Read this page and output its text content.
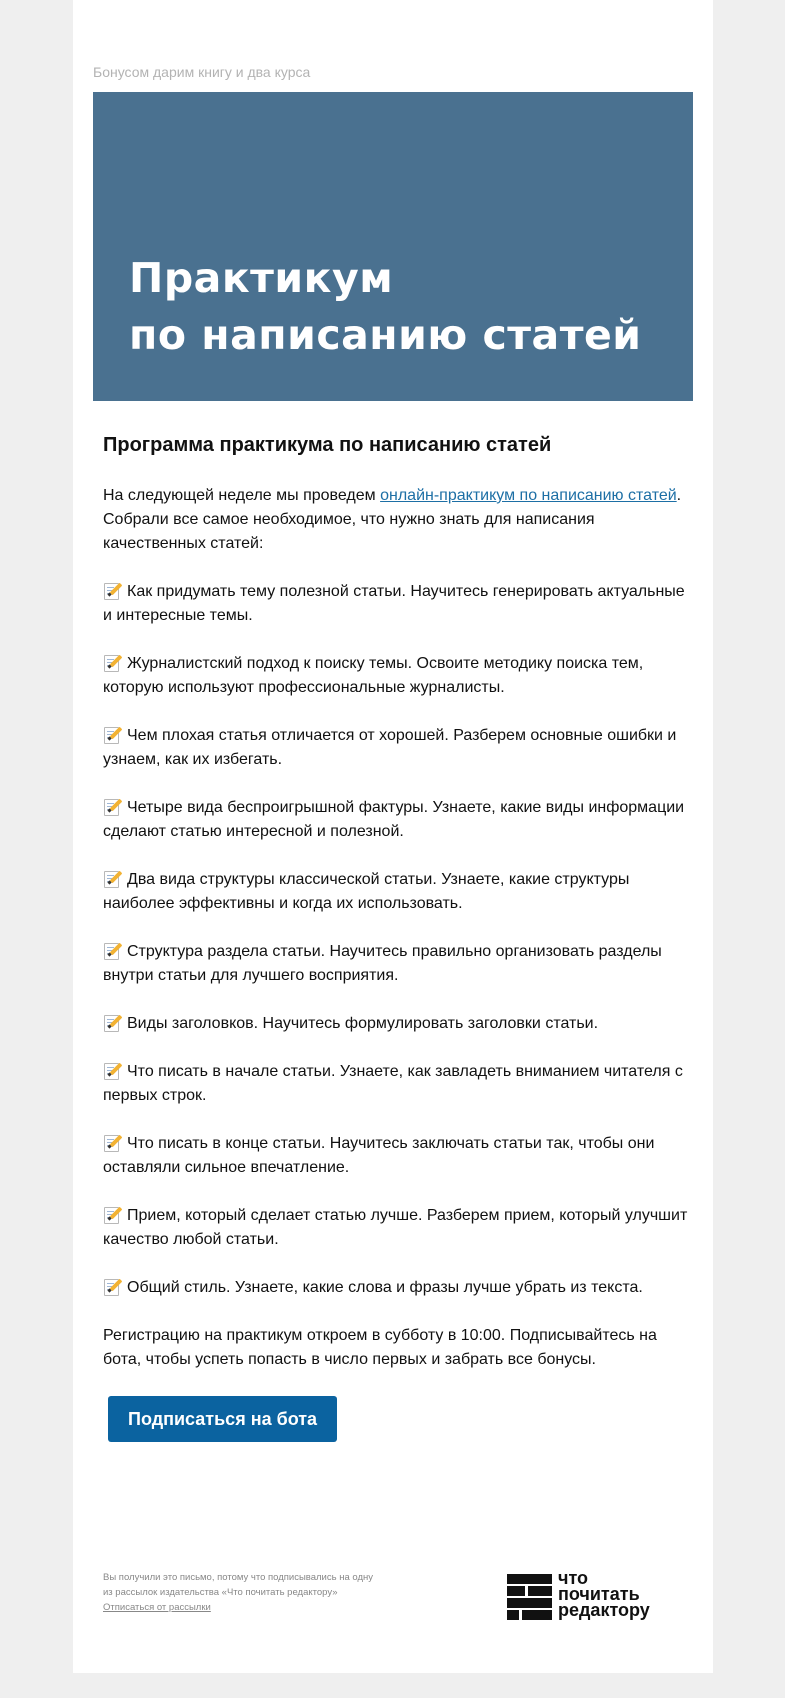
Бонусом дарим книгу и два курса
Практикум
по написанию статей
Программа практикума по написанию статей

На следующей неделе мы проведем онлайн-практикум по написанию статей. Собрали все самое необходимое, что нужно знать для написания качественных статей:

Как придумать тему полезной статьи. Научитесь генерировать актуальные и интересные темы.

Журналистский подход к поиску темы. Освоите методику поиска тем, которую используют профессиональные журналисты.

Чем плохая статья отличается от хорошей. Разберем основные ошибки и узнаем, как их избегать.

Четыре вида беспроигрышной фактуры. Узнаете, какие виды информации сделают статью интересной и полезной.

Два вида структуры классической статьи. Узнаете, какие структуры наиболее эффективны и когда их использовать.

Структура раздела статьи. Научитесь правильно организовать разделы внутри статьи для лучшего восприятия.

Виды заголовков. Научитесь формулировать заголовки статьи.

Что писать в начале статьи. Узнаете, как завладеть вниманием читателя с первых строк.

Что писать в конце статьи. Научитесь заключать статьи так, чтобы они оставляли сильное впечатление.

Прием, который сделает статью лучше. Разберем прием, который улучшит качество любой статьи.

Общий стиль. Узнаете, какие слова и фразы лучше убрать из текста.

Регистрацию на практикум откроем в субботу в 10:00. Подписывайтесь на бота, чтобы успеть попасть в число первых и забрать все бонусы.

Подписаться на бота
Вы получили это письмо, потому что подписывались на одну из рассылок издательства «Что почитать редактору»
Отписаться от рассылки
что
почитать
редактору
